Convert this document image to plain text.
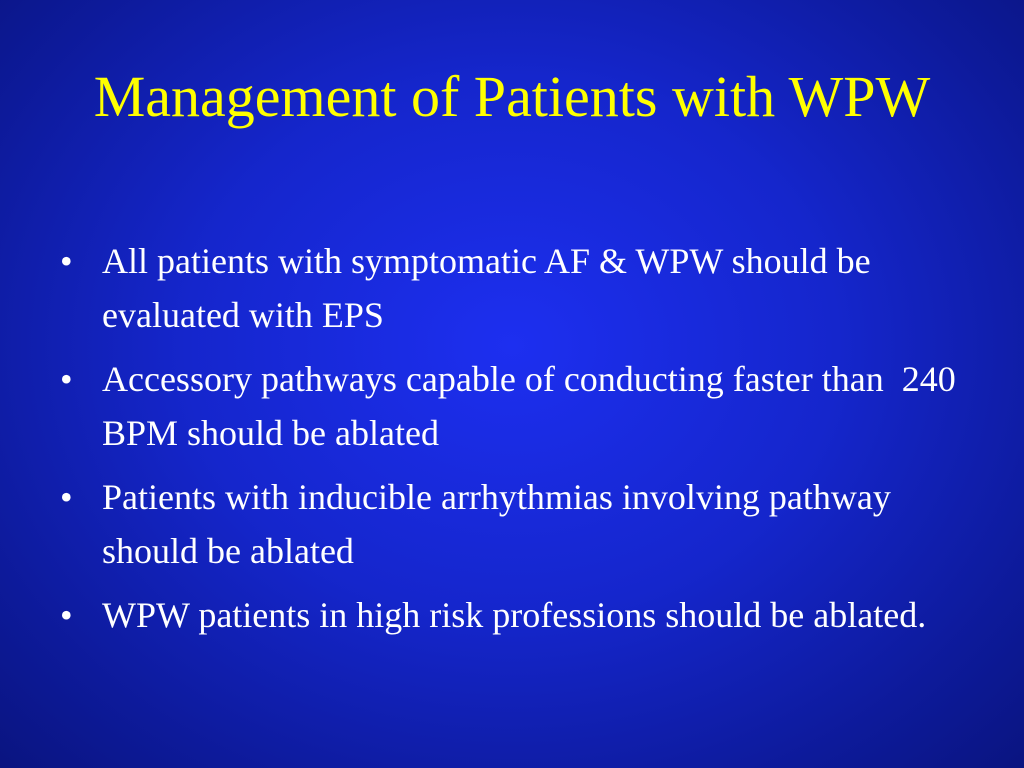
Management of Patients with WPW
• All patients with symptomatic AF & WPW should be evaluated with EPS
• Accessory pathways capable of conducting faster than  240 BPM should be ablated
• Patients with inducible arrhythmias involving pathway should be ablated
• WPW patients in high risk professions should be ablated.
